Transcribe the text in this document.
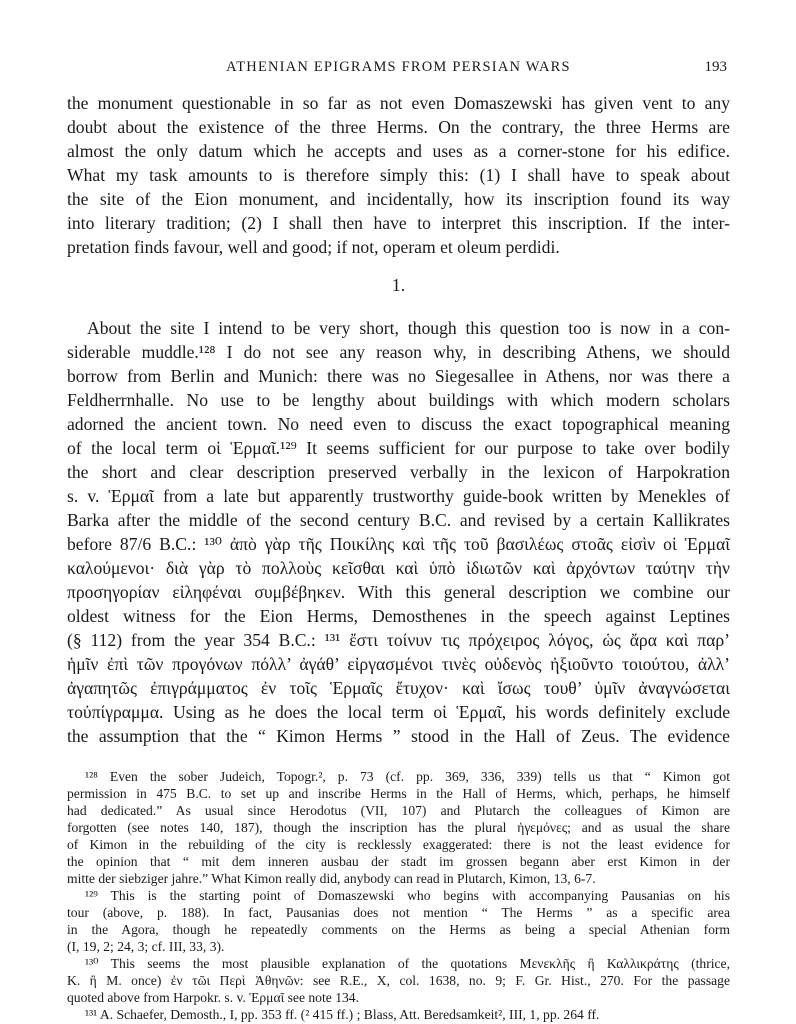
ATHENIAN EPIGRAMS FROM PERSIAN WARS	193
the monument questionable in so far as not even Domaszewski has given vent to any
doubt about the existence of the three Herms. On the contrary, the three Herms are
almost the only datum which he accepts and uses as a corner-stone for his edifice.
What my task amounts to is therefore simply this: (1) I shall have to speak about
the site of the Eion monument, and incidentally, how its inscription found its way
into literary tradition; (2) I shall then have to interpret this inscription. If the inter-
pretation finds favour, well and good; if not, operam et oleum perdidi.
1.
About the site I intend to be very short, though this question too is now in a con-
siderable muddle.¹²⁸ I do not see any reason why, in describing Athens, we should
borrow from Berlin and Munich: there was no Siegesallee in Athens, nor was there a
Feldherrnhalle. No use to be lengthy about buildings with which modern scholars
adorned the ancient town. No need even to discuss the exact topographical meaning
of the local term οἱ Ἑρμαῖ.¹²⁹ It seems sufficient for our purpose to take over bodily
the short and clear description preserved verbally in the lexicon of Harpokration
s. v. Ἑρμαῖ from a late but apparently trustworthy guide-book written by Menekles of
Barka after the middle of the second century B.C. and revised by a certain Kallikrates
before 87/6 B.C.: ¹³⁰ ἀπὸ γὰρ τῆς Ποικίλης καὶ τῆς τοῦ βασιλέως στοᾶς εἰσὶν οἱ Ἑρμαῖ
καλούμενοι· διὰ γὰρ τὸ πολλοὺς κεῖσθαι καὶ ὑπὸ ἰδιωτῶν καὶ ἀρχόντων ταύτην τὴν
προσηγορίαν εἰληφέναι συμβέβηκεν. With this general description we combine our
oldest witness for the Eion Herms, Demosthenes in the speech against Leptines
(§ 112) from the year 354 B.C.: ¹³¹ ἔστι τοίνυν τις πρόχειρος λόγος, ὡς ἄρα καὶ παρ’
ἡμῖν ἐπὶ τῶν προγόνων πόλλ’ ἀγάθ’ εἰργασμένοι τινὲς οὐδενὸς ἠξιοῦντο τοιούτου, ἀλλ’
ἀγαπητῶς ἐπιγράμματος ἐν τοῖς Ἑρμαῖς ἔτυχον· καὶ ἴσως τουθ’ ὑμῖν ἀναγνώσεται
τοὐπίγραμμα. Using as he does the local term οἱ Ἑρμαῖ, his words definitely exclude
the assumption that the “ Kimon Herms ” stood in the Hall of Zeus. The evidence
¹²⁸ Even the sober Judeich, Topogr.², p. 73 (cf. pp. 369, 336, 339) tells us that “ Kimon got
permission in 475 B.C. to set up and inscribe Herms in the Hall of Herms, which, perhaps, he himself
had dedicated.” As usual since Herodotus (VII, 107) and Plutarch the colleagues of Kimon are
forgotten (see notes 140, 187), though the inscription has the plural ἡγεμόνες; and as usual the share
of Kimon in the rebuilding of the city is recklessly exaggerated: there is not the least evidence for
the opinion that “ mit dem inneren ausbau der stadt im grossen begann aber erst Kimon in der
mitte der siebziger jahre.” What Kimon really did, anybody can read in Plutarch, Kimon, 13, 6-7.
¹²⁹ This is the starting point of Domaszewski who begins with accompanying Pausanias on his
tour (above, p. 188). In fact, Pausanias does not mention “ The Herms ” as a specific area
in the Agora, though he repeatedly comments on the Herms as being a special Athenian form
(I, 19, 2; 24, 3; cf. III, 33, 3).
¹³⁰ This seems the most plausible explanation of the quotations Μενεκλῆς ἢ Καλλικράτης (thrice,
K. ἢ M. once) ἐν τῶι Περὶ Ἀθηνῶν: see R.E., X, col. 1638, no. 9; F. Gr. Hist., 270. For the passage
quoted above from Harpokr. s. v. Ἑρμαῖ see note 134.
¹³¹ A. Schaefer, Demosth., I, pp. 353 ff. (² 415 ff.) ; Blass, Att. Beredsamkeit², III, 1, pp. 264 ff.
